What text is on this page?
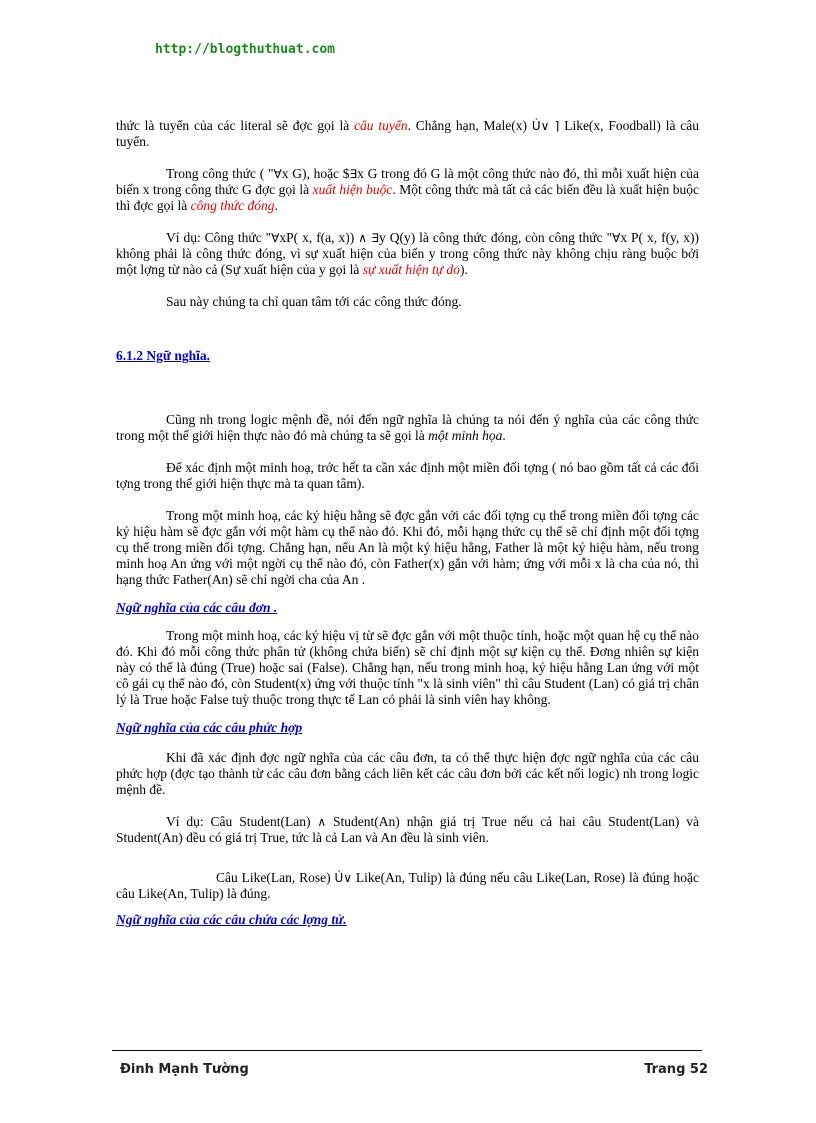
http://blogthuthuat.com

thức là tuyển của các literal sẽ đợc gọi là câu tuyển. Chẳng hạn, Male(x) Ú∨ ⌉ Like(x, Foodball) là câu tuyển.

Trong công thức ( "∀x G), hoặc $∃x G trong đó G là một công thức nào đó, thì mỗi xuất hiện của biến x trong công thức G đợc gọi là xuất hiện buộc. Một công thức mà tất cả các biến đều là xuất hiện buộc thì đợc gọi là công thức đóng.

Ví dụ: Công thức "∀xP( x, f(a, x)) ∧ ∃y Q(y) là công thức đóng, còn công thức "∀x P( x, f(y, x)) không phải là công thức đóng, vì sự xuất hiện của biến y trong công thức này không chịu ràng buộc bởi một lợng từ nào cả (Sự xuất hiện của y gọi là sự xuất hiện tự do).

Sau này chúng ta chỉ quan tâm tới các công thức đóng.

6.1.2 Ngữ nghĩa.

Cũng nh trong logic mệnh đề, nói đến ngữ nghĩa là chúng ta nói đến ý nghĩa của các công thức trong một thế giới hiện thực nào đó mà chúng ta sẽ gọi là một minh họa.

Để xác định một minh hoạ, trớc hết ta cần xác định một miền đối tợng ( nó bao gồm tất cả các đối tợng trong thế giới hiện thực mà ta quan tâm).

Trong một minh hoạ, các ký hiệu hằng sẽ đợc gắn với các đối tợng cụ thể trong miền đối tợng các ký hiệu hàm sẽ đợc gắn với một hàm cụ thể nào đó. Khi đó, mỗi hạng thức cụ thể sẽ chỉ định một đối tợng cụ thể trong miền đối tợng. Chẳng hạn, nếu An là một ký hiệu hằng, Father là một ký hiệu hàm, nếu trong minh hoạ An ứng với một ngời cụ thể nào đó, còn Father(x) gắn với hàm; ứng với mỗi x là cha của nó, thì hạng thức Father(An) sẽ chỉ ngời cha của An .

Ngữ nghĩa của các câu đơn .

Trong một minh hoạ, các ký hiệu vị từ sẽ đợc gắn với một thuộc tính, hoặc một quan hệ cụ thể nào đó. Khi đó mỗi công thức phân tử (không chứa biến) sẽ chỉ định một sự kiện cụ thể. Đơng nhiên sự kiện này có thể là đúng (True) hoặc sai (False). Chẳng hạn, nếu trong minh hoạ, ký hiệu hằng Lan ứng với một cô gái cụ thể nào đó, còn Student(x) ứng với thuộc tính "x là sinh viên" thì câu Student (Lan) có giá trị chân lý là True hoặc False tuỳ thuộc trong thực tế Lan có phải là sinh viên hay không.

Ngữ nghĩa của các câu phức hợp

Khi đã xác định đợc ngữ nghĩa của các câu đơn, ta có thể thực hiện đợc ngữ nghĩa của các câu phức hợp (đợc tạo thành từ các câu đơn bằng cách liên kết các câu đơn bởi các kết nối logic) nh trong logic mệnh đề.

Ví dụ: Câu Student(Lan) ∧ Student(An) nhận giá trị True nếu cả hai câu Student(Lan) và Student(An) đều có giá trị True, tức là cả Lan và An đều là sinh viên.

Câu Like(Lan, Rose) Ú∨ Like(An, Tulip) là đúng nếu câu Like(Lan, Rose) là đúng hoặc câu Like(An, Tulip) là đúng.

Ngữ nghĩa của các câu chứa các lợng tử.

Đinh Mạnh Tường	Trang 52
